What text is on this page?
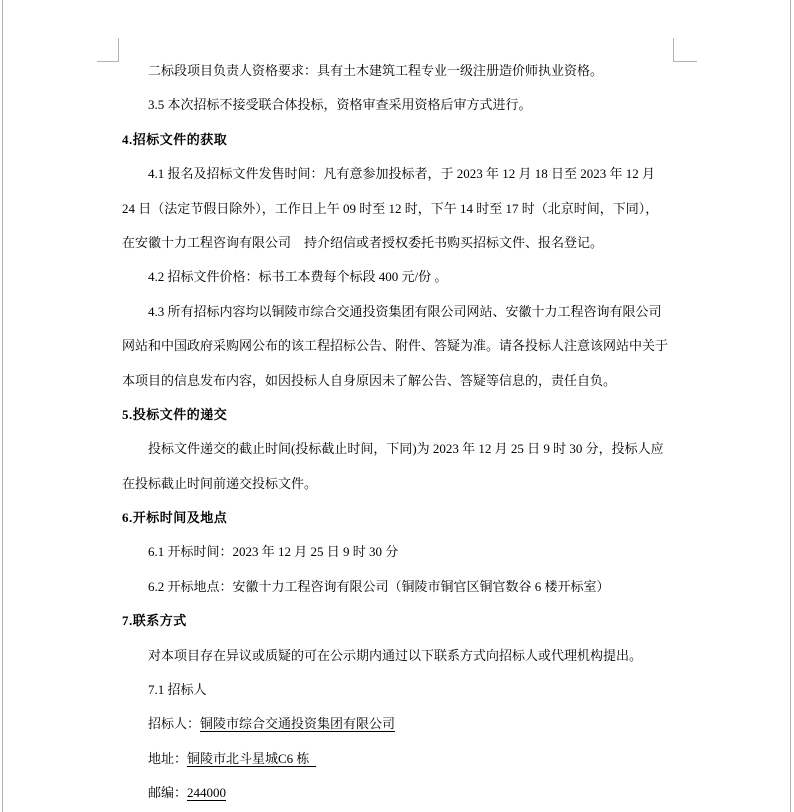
二标段项目负责人资格要求：具有土木建筑工程专业一级注册造价师执业资格。
3.5 本次招标不接受联合体投标，资格审查采用资格后审方式进行。
4.招标文件的获取
4.1 报名及招标文件发售时间：凡有意参加投标者，于 2023 年 12 月 18 日至 2023 年 12 月
24 日（法定节假日除外），工作日上午 09 时至 12 时，下午 14 时至 17 时（北京时间，下同），
在安徽十力工程咨询有限公司　持介绍信或者授权委托书购买招标文件、报名登记。
4.2 招标文件价格：标书工本费每个标段 400 元/份 。
4.3 所有招标内容均以铜陵市综合交通投资集团有限公司网站、安徽十力工程咨询有限公司
网站和中国政府采购网公布的该工程招标公告、附件、答疑为准。请各投标人注意该网站中关于
本项目的信息发布内容，如因投标人自身原因未了解公告、答疑等信息的，责任自负。
5.投标文件的递交
投标文件递交的截止时间(投标截止时间，下同)为 2023 年 12 月 25 日 9 时 30 分，投标人应
在投标截止时间前递交投标文件。
6.开标时间及地点
6.1 开标时间：2023 年 12 月 25 日 9 时 30 分
6.2 开标地点：安徽十力工程咨询有限公司（铜陵市铜官区铜官数谷 6 楼开标室）
7.联系方式
对本项目存在异议或质疑的可在公示期内通过以下联系方式向招标人或代理机构提出。
7.1 招标人
招标人：铜陵市综合交通投资集团有限公司
地址：铜陵市北斗星城C6 栋
邮编：244000
